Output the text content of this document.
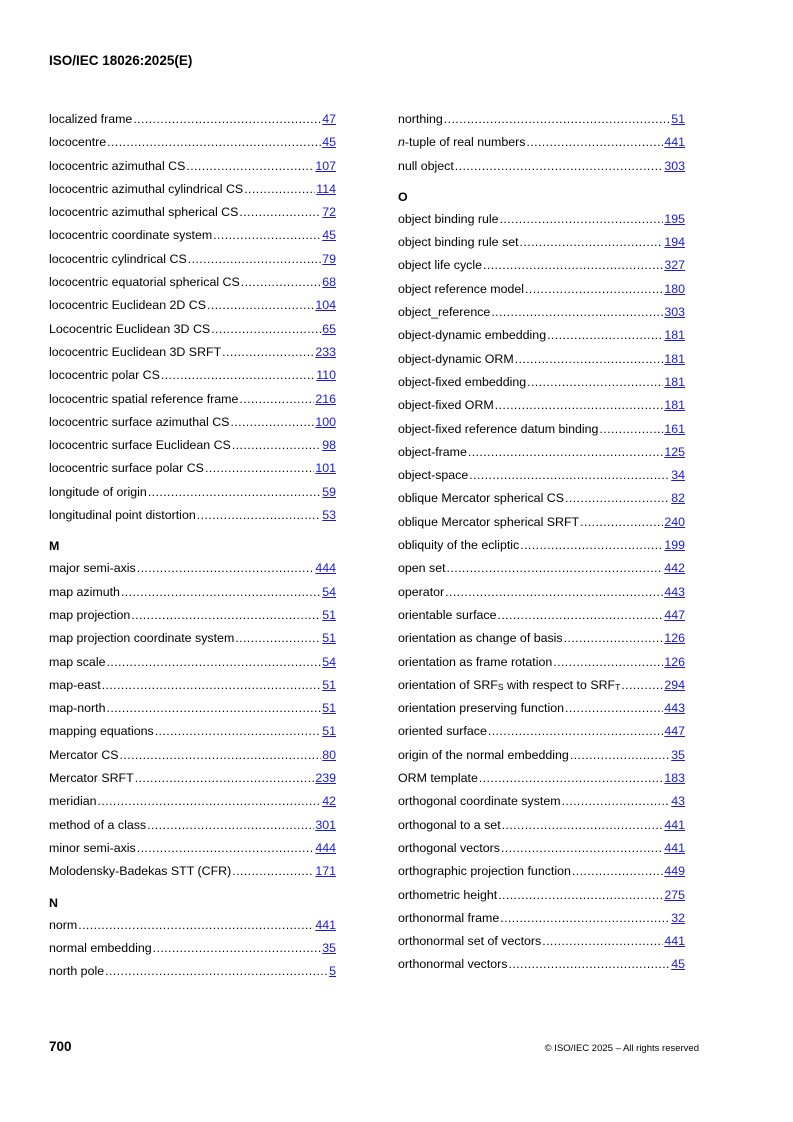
ISO/IEC 18026:2025(E)
localized frame .....	47
lococentre .....	45
lococentric azimuthal CS .....	107
lococentric azimuthal cylindrical CS .....	114
lococentric azimuthal spherical CS .....	72
lococentric coordinate system .....	45
lococentric cylindrical CS .....	79
lococentric equatorial spherical CS .....	68
lococentric Euclidean 2D CS .....	104
Lococentric Euclidean 3D CS .....	65
lococentric Euclidean 3D SRFT .....	233
lococentric polar CS .....	110
lococentric spatial reference frame .....	216
lococentric surface azimuthal CS .....	100
lococentric surface Euclidean CS .....	98
lococentric surface polar CS .....	101
longitude of origin .....	59
longitudinal point distortion .....	53
M
major semi-axis .....	444
map azimuth .....	54
map projection .....	51
map projection coordinate system .....	51
map scale .....	54
map-east .....	51
map-north .....	51
mapping equations .....	51
Mercator CS .....	80
Mercator SRFT .....	239
meridian .....	42
method of a class .....	301
minor semi-axis .....	444
Molodensky-Badekas STT (CFR) .....	171
N
norm .....	441
normal embedding .....	35
north pole .....	5
northing .....	51
n-tuple of real numbers .....	441
null object .....	303
O
object binding rule .....	195
object binding rule set .....	194
object life cycle .....	327
object reference model .....	180
object_reference .....	303
object-dynamic embedding .....	181
object-dynamic ORM .....	181
object-fixed embedding .....	181
object-fixed ORM .....	181
object-fixed reference datum binding .....	161
object-frame .....	125
object-space .....	34
oblique Mercator spherical CS .....	82
oblique Mercator spherical SRFT .....	240
obliquity of the ecliptic .....	199
open set .....	442
operator .....	443
orientable surface .....	447
orientation as change of basis .....	126
orientation as frame rotation .....	126
orientation of $SRF_S$ with respect to $SRF_T$ .....	294
orientation preserving function .....	443
oriented surface .....	447
origin of the normal embedding .....	35
ORM template .....	183
orthogonal coordinate system .....	43
orthogonal to a set .....	441
orthogonal vectors .....	441
orthographic projection function .....	449
orthometric height .....	275
orthonormal frame .....	32
orthonormal set of vectors .....	441
orthonormal vectors .....	45
700	© ISO/IEC 2025 – All rights reserved
